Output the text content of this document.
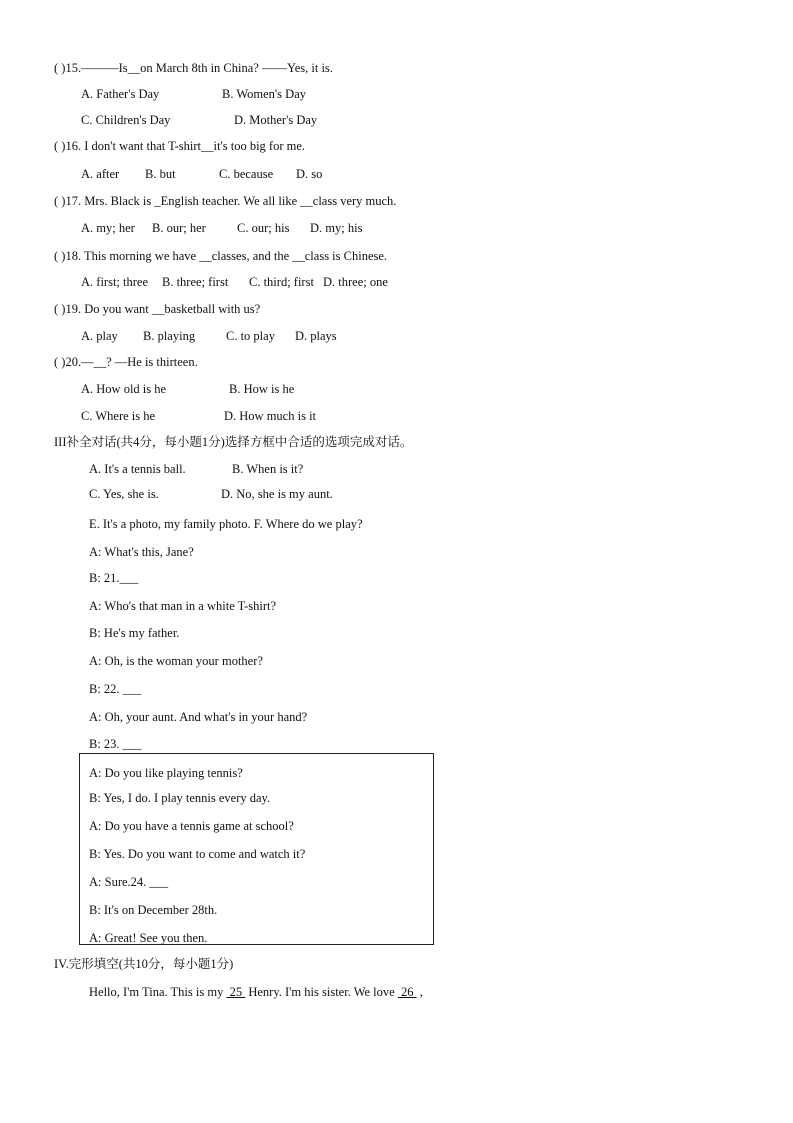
( )15.———Is__on March 8th in China? ——Yes, it is.
A. Father's Day	B. Women's Day
C. Children's Day	D. Mother's Day
( )16. I don't want that T-shirt__it's too big for me.
A. after B. but	C. because D. so
( )17. Mrs. Black is _English teacher. We all like __class very much.
A. my; her B. our; her C. our; his D. my; his
( )18. This morning we have __classes, and the __class is Chinese.
A. first; three B. three; first C. third; first D. three; one
( )19. Do you want __basketball with us?
A. play B. playing C. to play D. plays
( )20.—__? —He is thirteen.
A. How old is he	B. How is he
C. Where is he	D. How much is it
III补全对话(共4分，每小题1分)选择方框中合适的选项完成对话。
A. It's a tennis ball.	B. When is it?
C. Yes, she is.	D. No, she is my aunt.
E. It's a photo, my family photo. F. Where do we play?
A: What's this, Jane?
B: 21.___
A: Who's that man in a white T-shirt?
B: He's my father.
A: Oh, is the woman your mother?
B: 22. ___
A: Oh, your aunt. And what's in your hand?
B: 23. ___
A: Do you like playing tennis?
B: Yes, I do. I play tennis every day.
A: Do you have a tennis game at school?
B: Yes. Do you want to come and watch it?
A: Sure.24. ___
B: It's on December 28th.
A: Great! See you then.
IV.完形填空(共10分，每小题1分)
Hello, I'm Tina. This is my  25  Henry. I'm his sister. We love  26  ,
